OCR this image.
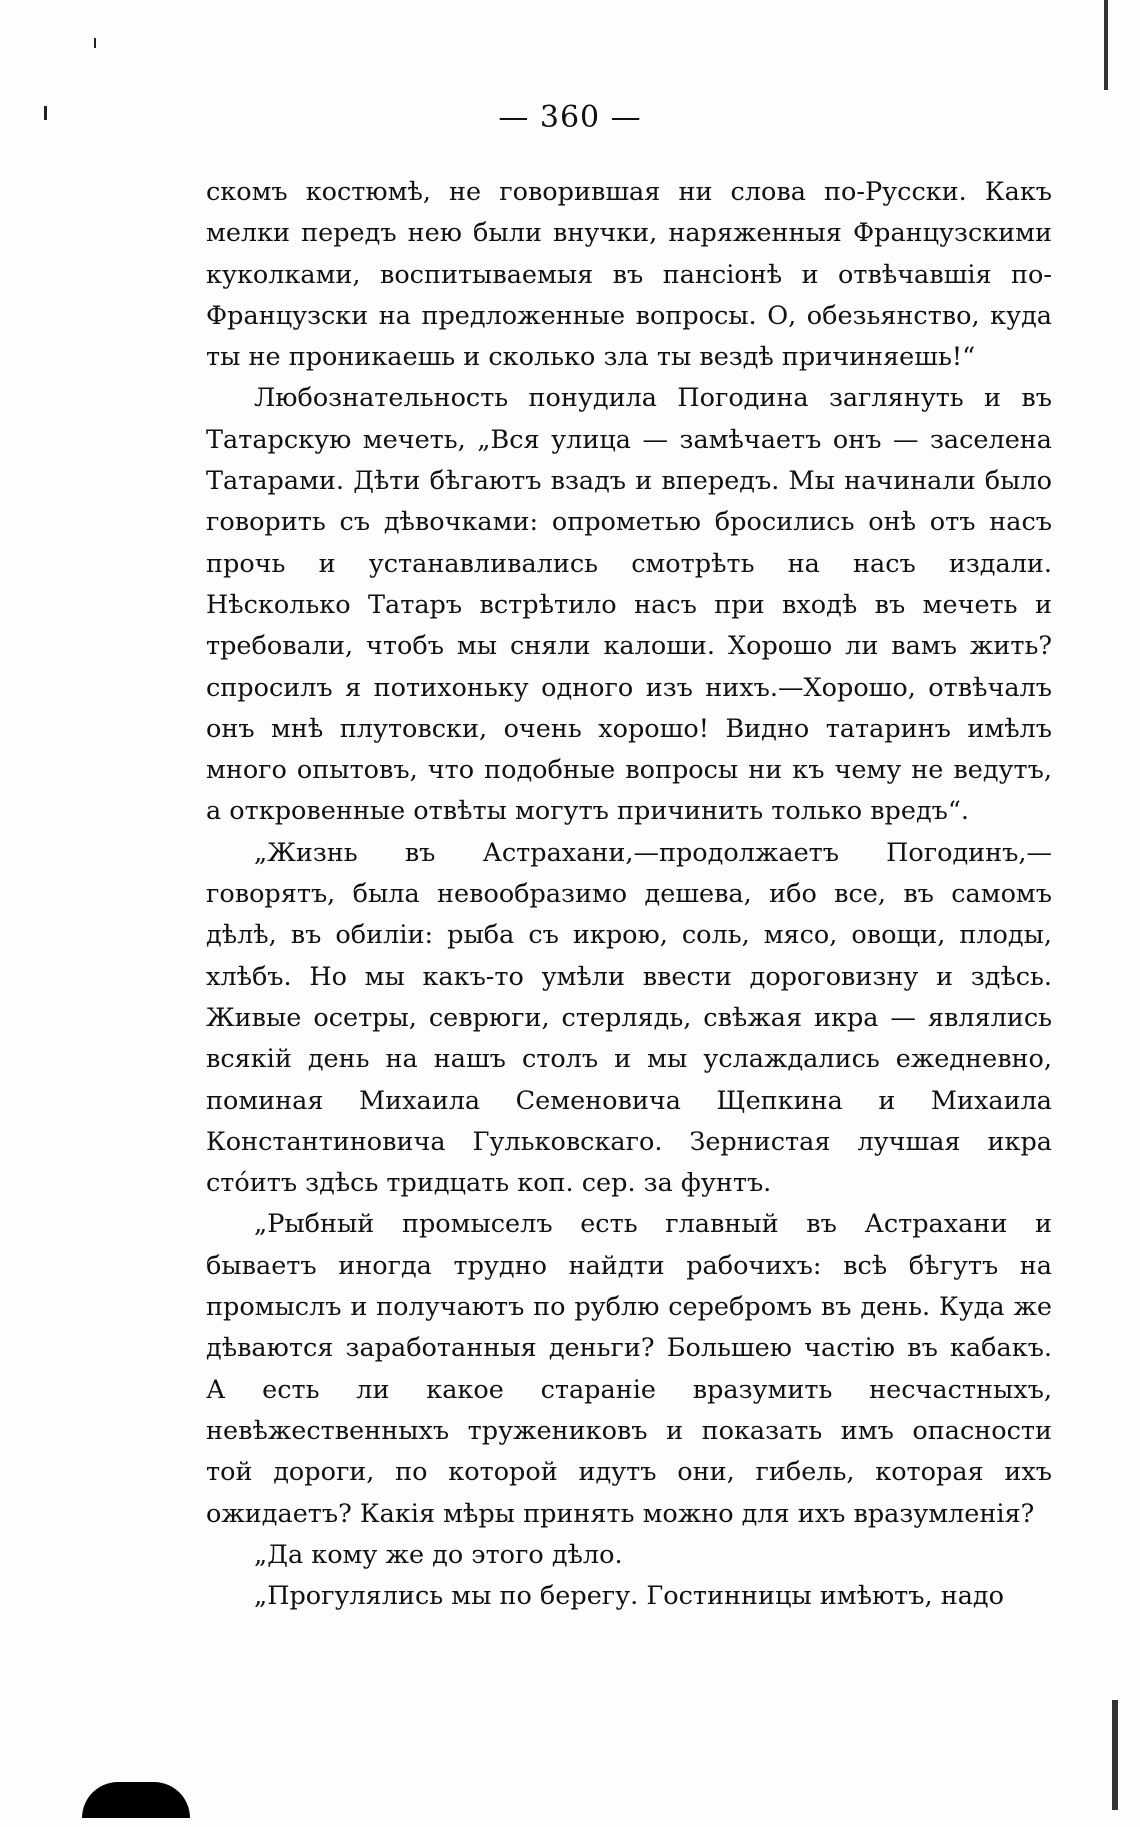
— 360 —

скомъ костюмѣ, не говорившая ни слова по-Русски. Какъ мелки передъ нею были внучки, наряженныя Французскими куколками, воспитываемыя въ пансіонѣ и отвѣчавшія по-Французски на предложенные вопросы. О, обезьянство, куда ты не проникаешь и сколько зла ты вездѣ причиняешь!“

Любознательность понудила Погодина заглянуть и въ Татарскую мечеть, „Вся улица — замѣчаетъ онъ — заселена Татарами. Дѣти бѣгаютъ взадъ и впередъ. Мы начинали было говорить съ дѣвочками: опрометью бросились онѣ отъ насъ прочь и устанавливались смотрѣть на насъ издали. Нѣсколько Татаръ встрѣтило насъ при входѣ въ мечеть и требовали, чтобъ мы сняли калоши. Хорошо ли вамъ жить? спросилъ я потихоньку одного изъ нихъ.—Хорошо, отвѣчалъ онъ мнѣ плутовски, очень хорошо! Видно татаринъ имѣлъ много опытовъ, что подобные вопросы ни къ чему не ведутъ, а откровенные отвѣты могутъ причинить только вредъ“.

„Жизнь въ Астрахани,—продолжаетъ Погодинъ,—говорятъ, была невообразимо дешева, ибо все, въ самомъ дѣлѣ, въ обиліи: рыба съ икрою, соль, мясо, овощи, плоды, хлѣбъ. Но мы какъ-то умѣли ввести дороговизну и здѣсь. Живые осетры, севрюги, стерлядь, свѣжая икра — являлись всякій день на нашъ столъ и мы услаждались ежедневно, поминая Михаила Семеновича Щепкина и Михаила Константиновича Гульковскаго. Зернистая лучшая икра стóитъ здѣсь тридцать коп. сер. за фунтъ.

„Рыбный промыселъ есть главный въ Астрахани и бываетъ иногда трудно найдти рабочихъ: всѣ бѣгутъ на промыслъ и получаютъ по рублю серебромъ въ день. Куда же дѣваются заработанныя деньги? Большею частію въ кабакъ. А есть ли какое стараніе вразумить несчастныхъ, невѣжественныхъ тружениковъ и показать имъ опасности той дороги, по которой идутъ они, гибель, которая ихъ ожидаетъ? Какія мѣры принять можно для ихъ вразумленія?

„Да кому же до этого дѣло.

„Прогулялись мы по берегу. Гостинницы имѣютъ, надо
